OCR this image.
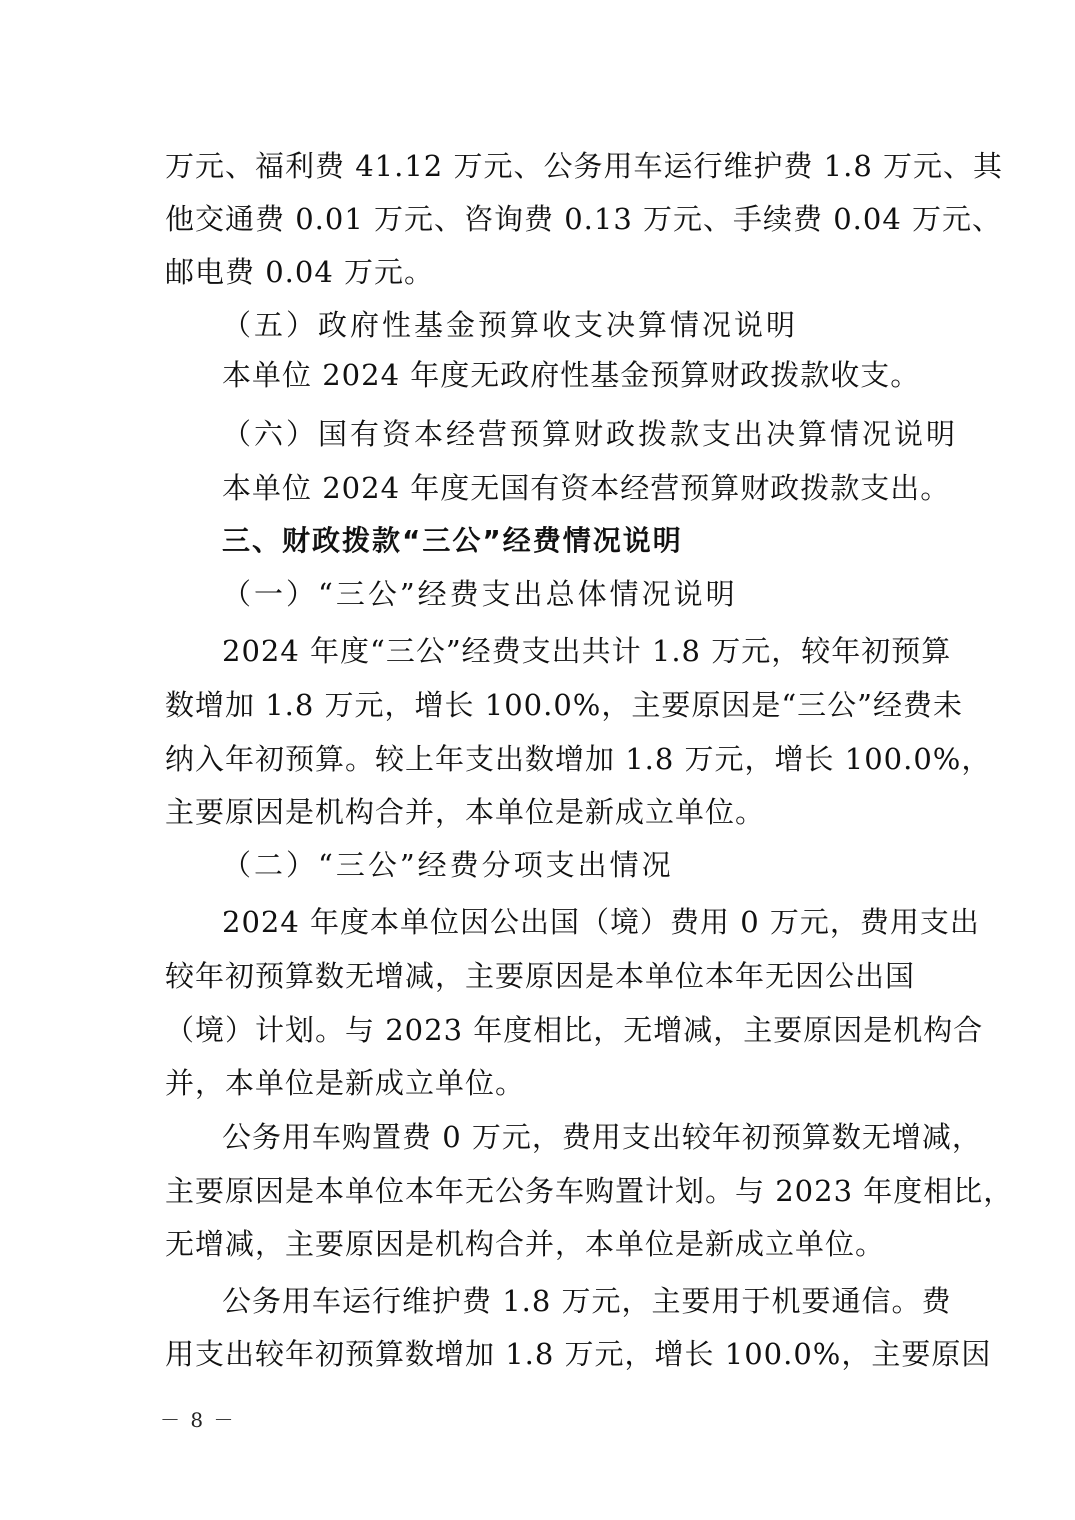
万元、福利费 41.12 万元、公务用车运行维护费 1.8 万元、其
他交通费 0.01 万元、咨询费 0.13 万元、手续费 0.04 万元、
邮电费 0.04 万元。
（五）政府性基金预算收支决算情况说明
本单位 2024 年度无政府性基金预算财政拨款收支。
（六）国有资本经营预算财政拨款支出决算情况说明
本单位 2024 年度无国有资本经营预算财政拨款支出。
三、财政拨款“三公”经费情况说明
（一）“三公”经费支出总体情况说明
2024 年度“三公”经费支出共计 1.8 万元，较年初预算
数增加 1.8 万元，增长 100.0%，主要原因是“三公”经费未
纳入年初预算。较上年支出数增加 1.8 万元，增长 100.0%，
主要原因是机构合并，本单位是新成立单位。
（二）“三公”经费分项支出情况
2024 年度本单位因公出国（境）费用 0 万元，费用支出
较年初预算数无增减，主要原因是本单位本年无因公出国
（境）计划。与 2023 年度相比，无增减，主要原因是机构合
并，本单位是新成立单位。
公务用车购置费 0 万元，费用支出较年初预算数无增减，
主要原因是本单位本年无公务车购置计划。与 2023 年度相比，
无增减，主要原因是机构合并，本单位是新成立单位。
公务用车运行维护费 1.8 万元，主要用于机要通信。费
用支出较年初预算数增加 1.8 万元，增长 100.0%，主要原因
－ 8 －
